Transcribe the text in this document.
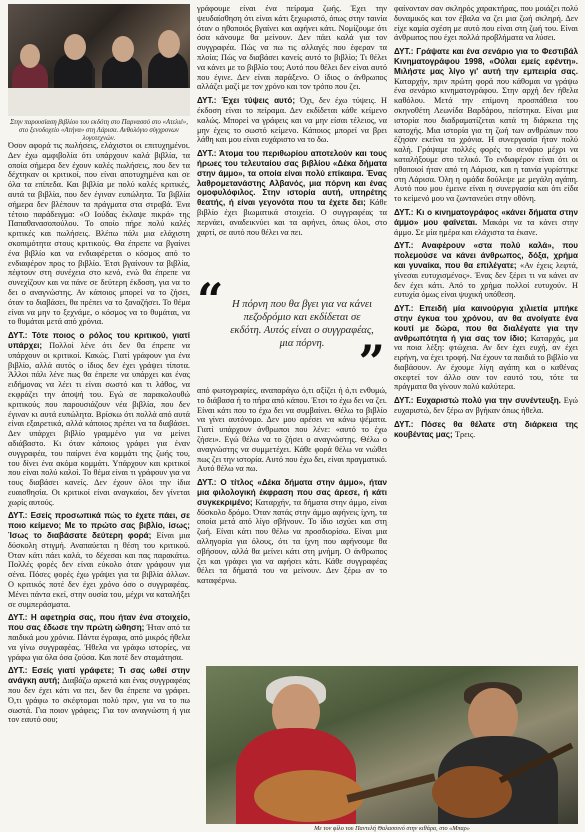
Στην παρουσίαση βιβλίου του εκδότη στο Παρνασσό στο «Ατελιέ», στο ξενοδοχείο «Ατήνα» στη Λάρισα. Ανθολόγιο σύγχρονων λογοτεχνών.

Όσον αφορά τις πωλήσεις, ελάχιστοι οι επιτυχημένοι. Δεν έχω αμφιβολία ότι υπάρχουν καλά βιβλία, τα οποία σήμερα δεν έχουν καλές πωλήσεις, που δεν τα δέχτηκαν οι κριτικοί, που είναι αποτυχημένα και σε όλα τα επίπεδα. Και βιβλία με πολύ καλές κριτικές, αυτά τα βιβλία, που δεν έγιναν ευπώλητα. Τα βιβλία σήμερα δεν βλέπουν τα πράγματα στα στραβά. Ένα τέτοιο παράδειγμα: «Ο Ιούδας έκλαψε πικρά» της Παπαθανασοπούλου. Το οποίο πήρε πολύ καλές κριτικές και πωλήσεις. Βλέπω πάλι μια ελάχιστη σκοπιμότητα στους κριτικούς. Θα έπρεπε να βγαίνει ένα βιβλίο και να ενδιαφέρεται ο κόσμος από το ενδιαφέρον προς το βιβλίο. Έτσι βγαίνουν τα βιβλία, πέφτουν στη συνέχεια στο κενό, ενώ θα έπρεπε να συνεχίζουν και να πάνε σε δεύτερη έκδοση, για να το δει ο αναγνώστης. Αν κάποιος μπορεί να το ζήσει, όταν το διαβάσει, θα πρέπει να το ξαναζήσει. Το θέμα είναι να μην το ξεχνάμε, ο κόσμος να το θυμάται, να το θυμάται μετά από χρόνια.

ΔΥΤ.: Τότε ποιος ο ρόλος του κριτικού, γιατί υπάρχει; Πολλοί λένε ότι δεν θα έπρεπε να υπάρχουν οι κριτικοί. Κακώς. Γιατί γράφουν για ένα βιβλίο, αλλά αυτός ο ίδιος δεν έχει γράψει τίποτα. Άλλοι πάλι λένε πως θα έπρεπε να υπάρχει και ένας ειδήμονας να λέει τι είναι σωστό και τι λάθος, να εκφράζει την άποψή του. Εγώ σε παρακολουθώ κριτικούς που παρουσιάζουν νέα βιβλία, που δεν έγιναν κι αυτά ευπώλητα. Βρίσκω ότι πολλά από αυτά είναι εξαιρετικά, αλλά κάποιος πρέπει να τα διαβάσει. Δεν υπάρχει βιβλίο γραμμένο για να μείνει αδιάβαστο. Κι όταν κάποιος γράφει για έναν συγγραφέα, του παίρνει ένα κομμάτι της ζωής του, του δίνει ένα ακόμα κομμάτι. Υπάρχουν και κριτικοί που είναι πολύ καλοί. Το θέμα είναι τι γράφουν για να τους διαβάσει κανείς. Δεν έχουν όλοι την ίδια ευαισθησία. Οι κριτικοί είναι αναγκαίοι, δεν γίνεται χωρίς αυτούς.

ΔΥΤ.: Εσείς προσωπικά πώς το έχετε πάει, σε ποιο κείμενο; Με το πρώτο σας βιβλίο, ίσως; Ίσως το διαβάσατε δεύτερη φορά; Είναι μια δύσκολη στιγμή. Αναπαύεται η θέση του κριτικού. Όταν κάτι πάει καλά, το δέχεσαι και πας παρακάτω. Πολλές φορές δεν είναι εύκολο όταν γράφουν για σένα. Πόσες φορές έχω γράψει για τα βιβλία άλλων. Ο κριτικός ποτέ δεν έχει χρόνο όσο ο συγγραφέας. Μένει πάντα εκεί, στην ουσία του, μέχρι να καταλήξει σε συμπεράσματα.

ΔΥΤ.: Η αφετηρία σας, που ήταν ένα στοιχείο, που σας έδωσε την πρώτη ώθηση; Ήταν από τα παιδικά μου χρόνια. Πάντα έγραφα, από μικρός ήθελα να γίνω συγγραφέας. Ήθελα να γράφω ιστορίες, να γράφω για όλα όσα ζούσα. Και ποτέ δεν σταμάτησα.

ΔΥΤ.: Εσείς γιατί γράφετε; Τι σας ωθεί στην ανάγκη αυτή; Διαβάζω αρκετά και ένας συγγραφέας που δεν έχει κάτι να πει, δεν θα έπρεπε να γράφει. Ό,τι γράφω το σκέφτομαι πολύ πριν, για να το πω σωστά. Για ποιον γράφεις; Για τον αναγνώστη ή για τον εαυτό σου;

γράφουμε είναι ένα πείραμα ζωής. Έχει την ψευδαίσθηση ότι είναι κάτι ξεχωριστό, όπως στην ταινία όταν ο ηθοποιός βγαίνει και αφήνει κάτι. Νομίζουμε ότι όσα κάνουμε θα μείνουν. Δεν πάει καλά για τον συγγραφέα. Πώς να πω τις αλλαγές που έφεραν τα πλοία; Πώς να διαβάσει κανείς αυτό το βιβλίο; Τι θέλει να κάνει με το βιβλίο του; Αυτό που θέλει δεν είναι αυτό που έγινε. Δεν είναι παράξενο. Ο ίδιος ο άνθρωπος αλλάζει μαζί με τον χρόνο και τον τρόπο που ζει.

ΔΥΤ.: Έχει τύψεις αυτό; Όχι, δεν έχω τύψεις. Η έκδοση είναι το πείραμα. Δεν εκδίδεται κάθε κείμενο καλώς. Μπορεί να γράφεις και να μην είσαι τέλειος, να μην έχεις το σωστό κείμενο. Κάποιος μπορεί να βρει λάθη και μου είναι ευχάριστο να το δω.

ΔΥΤ.: Άτομα του περιθωρίου αποτελούν και τους ήρωες του τελευταίου σας βιβλίου «Δέκα δήματα στην άμμο», τα οποία είναι πολύ επίκαιρα. Ένας λαθρομετανάστης Αλβανός, μια πόρνη και ένας ομοφυλόφιλος. Στην ιστορία αυτή, υπηρέτης θεατής, ή είναι γεγονότα που τα έχετε δει; Κάθε βιβλίο έχει βιωματικά στοιχεία. Ο συγγραφέας τα περνάει, αναδεικνύει και τα αφήνει, όπως όλοι, στο χαρτί, σε αυτό που θέλει να πει.

“ Η πόρνη που θα βγει για να κάνει πεζοδρόμιο και εκδίδεται σε εκδότη. Αυτός είναι ο συγγραφέας, μια πόρνη. ”

από φωτογραφίες, αναπαράγω ό,τι αξίζει ή ό,τι ενθυμώ, το διάβασα ή το πήρα από κάπου. Έτσι το έχω δει να ζει. Είναι κάτι που το έχω δει να συμβαίνει. Θέλω το βιβλίο να γίνει αυτόνομο. Δεν μου αρέσει να κάνω ψέματα. Γιατί υπάρχουν άνθρωποι που λένε: «αυτό το έχω ζήσει». Εγώ θέλω να το ζήσει ο αναγνώστης. Θέλω ο αναγνώστης να συμμετέχει. Κάθε φορά θέλω να νιώθει πως ζει την ιστορία. Αυτό που έχω δει, είναι πραγματικό. Αυτό θέλω να πω.

ΔΥΤ.: Ο τίτλος «Δέκα δήματα στην άμμο», ήταν μια φιλολογική έκφραση που σας άρεσε, ή κάτι συγκεκριμένο; Καταρχήν, τα δήματα στην άμμο, είναι δύσκολο δρόμο. Όταν πατάς στην άμμο αφήνεις ίχνη, τα οποία μετά από λίγο σβήνουν. Το ίδιο ισχύει και στη ζωή. Είναι κάτι που θέλω να προσδιορίσω. Είναι μια αλληγορία για όλους, ότι τα ίχνη που αφήνουμε θα σβήσουν, αλλά θα μείνει κάτι στη μνήμη. Ο άνθρωπος ζει και γράφει για να αφήσει κάτι. Κάθε συγγραφέας θέλει τα δήματά του να μείνουν. Δεν ξέρω αν το καταφέρνω.

φαίνονταν σαν σκληρός χαρακτήρας, που μοιάζει πολύ δυναμικός και τον έβαλα να ζει μια ζωή σκληρή. Δεν είχε καμία σχέση με αυτό που είναι στη ζωή του. Είναι άνθρωπος που έχει πολλά προβλήματα να λύσει.

ΔΥΤ.: Γράψατε και ένα σενάριο για το Φεστιβάλ Κινηματογράφου 1998, «Ούλαι εμείς εφέντη». Μιλήστε μας λίγο γι' αυτή την εμπειρία σας. Καταρχήν, πριν πρώτη φορά που κάθομαι να γράψω ένα σενάριο κινηματογράφου. Στην αρχή δεν ήθελα καθόλου. Μετά την επίμονη προσπάθεια του σκηνοθέτη Λεωνίδα Βαρδάρου, πείστηκα. Είναι μια ιστορία που διαδραματίζεται κατά τη διάρκεια της κατοχής. Μια ιστορία για τη ζωή των ανθρώπων που έζησαν εκείνα τα χρόνια. Η συνεργασία ήταν πολύ καλή. Γράψαμε πολλές φορές το σενάριο μέχρι να καταλήξουμε στο τελικό. Το ενδιαφέρον είναι ότι οι ηθοποιοί ήταν από τη Λάρισα, και η ταινία γυρίστηκε στη Λάρισα. Όλη η ομάδα δούλεψε με μεγάλη αγάπη. Αυτό που μου έμεινε είναι η συνεργασία και ότι είδα το κείμενό μου να ζωντανεύει στην οθόνη.

ΔΥΤ.: Κι ο κινηματογράφος «κάνει δήματα στην άμμο» μου φαίνεται. Μακάρι να τα κάνει στην άμμο. Σε μία ημέρα και ελάχιστα τα έκανε.

ΔΥΤ.: Αναφέρουν «στα πολύ καλά», που πολεμούσε να κάνει άνθρωπος, δόξα, χρήμα και γυναίκα, που θα επιλέγατε; «Αν έχεις λεφτά, γίνεσαι ευτυχισμένος». Ένας δεν ξέρει τι να κάνει αν δεν έχει κάτι. Από το χρήμα πολλοί ευτυχούν. Η ευτυχία όμως είναι ψυχική υπόθεση.

ΔΥΤ.: Επειδή μία καινούργια χιλιετία μπήκε στην έγκυα του χρόνου, αν θα ανοίγατε ένα κουτί με δώρα, που θα διαλέγατε για την ανθρωπότητα ή για σας τον ίδιο; Καταρχάς, μα να ποια λέξη: φτώχεια. Αν δεν έχει ευχή, αν έχει ειρήνη, να έχει τροφή. Να έχουν τα παιδιά το βιβλίο να διαβάσουν. Αν έχουμε λίγη αγάπη και ο καθένας σκεφτεί τον άλλο σαν τον εαυτό του, τότε τα πράγματα θα γίνουν πολύ καλύτερα.

ΔΥΤ.: Ευχαριστώ πολύ για την συνέντευξη. Εγώ ευχαριστώ, δεν ξέρω αν βγήκαν όπως ήθελα.

ΔΥΤ.: Πόσες θα θέλατε στη διάρκεια της κουβέντας μας; Τρεις.

Με τον φίλο του Παντελή Θαλασσινό στην κιθάρα, στο «Μπαρ»
